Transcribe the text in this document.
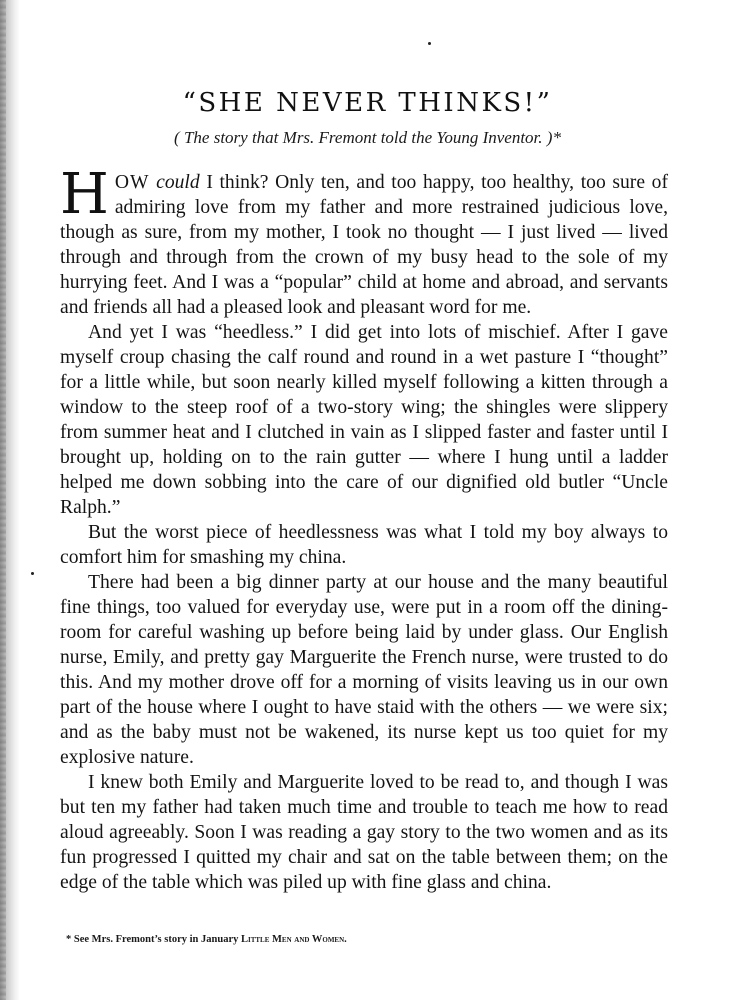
“SHE NEVER THINKS!”
( The story that Mrs. Fremont told the Young Inventor. )*

HOW could I think? Only ten, and too happy, too healthy, too sure of admiring love from my father and more restrained judicious love, though as sure, from my mother, I took no thought — I just lived — lived through and through from the crown of my busy head to the sole of my hurrying feet. And I was a “popular” child at home and abroad, and servants and friends all had a pleased look and pleasant word for me.

And yet I was “heedless.” I did get into lots of mischief. After I gave myself croup chasing the calf round and round in a wet pasture I “thought” for a little while, but soon nearly killed myself following a kitten through a window to the steep roof of a two-story wing; the shingles were slippery from summer heat and I clutched in vain as I slipped faster and faster until I brought up, holding on to the rain gutter — where I hung until a ladder helped me down sobbing into the care of our dignified old butler “Uncle Ralph.”

But the worst piece of heedlessness was what I told my boy always to comfort him for smashing my china.

There had been a big dinner party at our house and the many beautiful fine things, too valued for everyday use, were put in a room off the dining-room for careful washing up before being laid by under glass. Our English nurse, Emily, and pretty gay Marguerite the French nurse, were trusted to do this. And my mother drove off for a morning of visits leaving us in our own part of the house where I ought to have staid with the others — we were six; and as the baby must not be wakened, its nurse kept us too quiet for my explosive nature.

I knew both Emily and Marguerite loved to be read to, and though I was but ten my father had taken much time and trouble to teach me how to read aloud agreeably. Soon I was reading a gay story to the two women and as its fun progressed I quitted my chair and sat on the table between them; on the edge of the table which was piled up with fine glass and china.

* See Mrs. Fremont’s story in January Little Men and Women.
